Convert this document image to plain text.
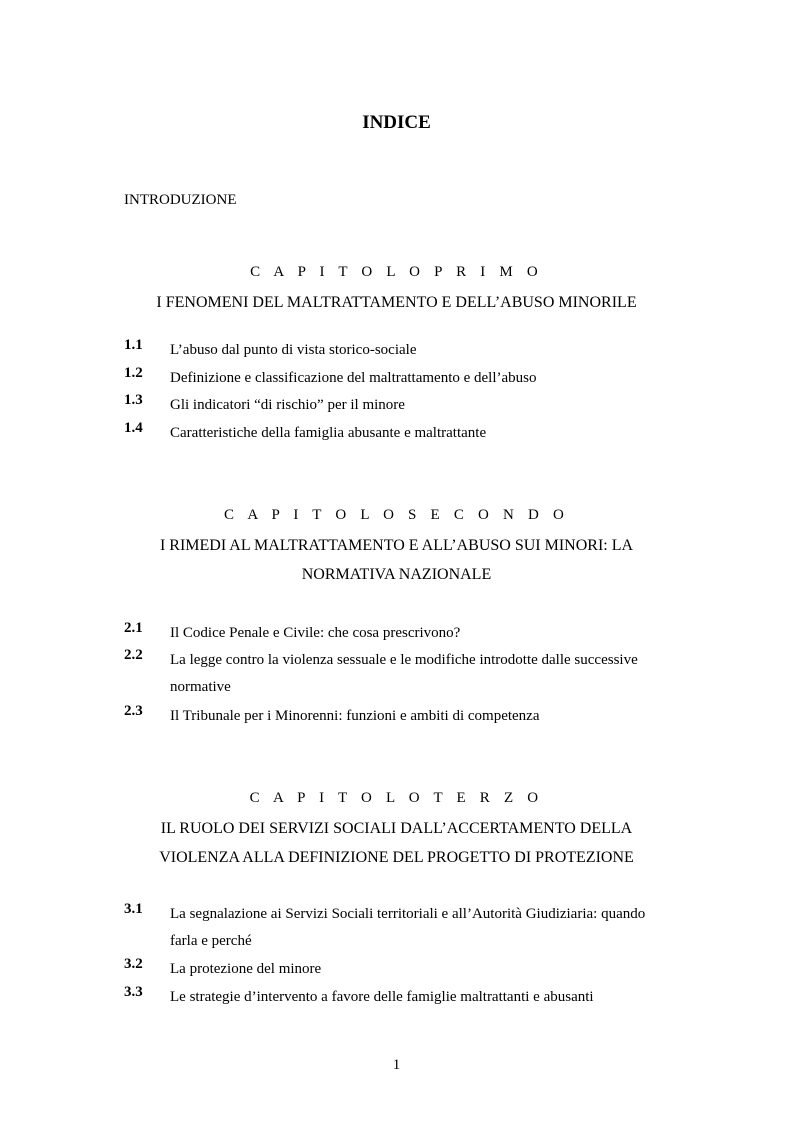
INDICE
INTRODUZIONE
C A P I T O L O P R I M O
I FENOMENI DEL MALTRATTAMENTO E DELL’ABUSO MINORILE
1.1 L’abuso dal punto di vista storico-sociale
1.2 Definizione e classificazione del maltrattamento e dell’abuso
1.3 Gli indicatori “di rischio” per il minore
1.4 Caratteristiche della famiglia abusante e maltrattante
C A P I T O L O S E C O N D O
I RIMEDI AL MALTRATTAMENTO E ALL’ABUSO SUI MINORI: LA
NORMATIVA NAZIONALE
2.1 Il Codice Penale e Civile: che cosa prescrivono?
2.2 La legge contro la violenza sessuale e le modifiche introdotte dalle successive
normative
2.3 Il Tribunale per i Minorenni: funzioni e ambiti di competenza
C A P I T O L O T E R Z O
IL RUOLO DEI SERVIZI SOCIALI DALL’ACCERTAMENTO DELLA
VIOLENZA ALLA DEFINIZIONE DEL PROGETTO DI PROTEZIONE
3.1 La segnalazione ai Servizi Sociali territoriali e all’Autorità Giudiziaria: quando
farla e perché
3.2 La protezione del minore
3.3 Le strategie d’intervento a favore delle famiglie maltrattanti e abusanti
1
